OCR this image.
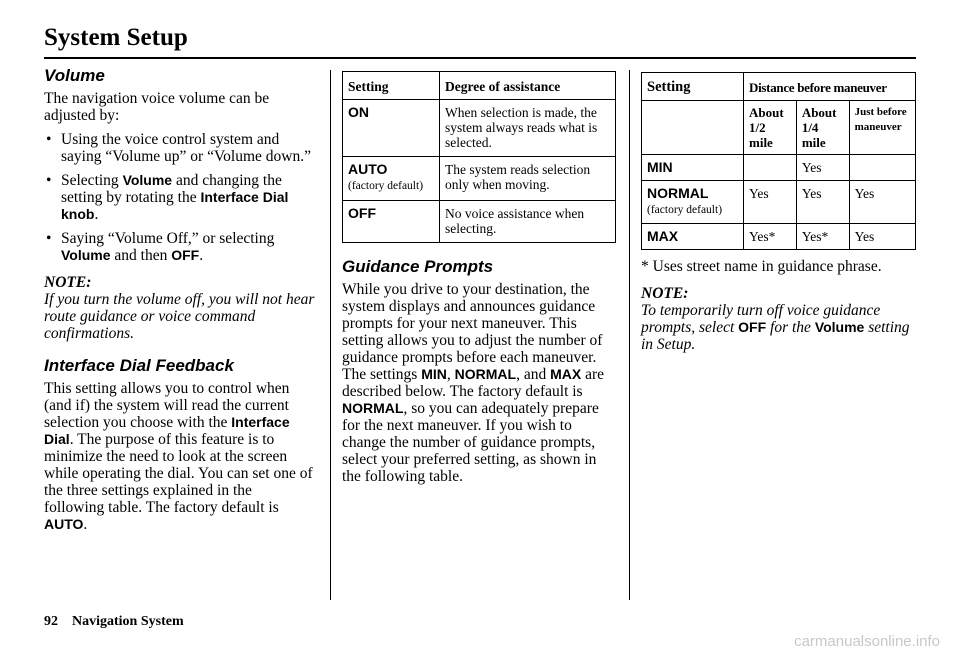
System Setup
Volume

The navigation voice volume can be adjusted by:

• Using the voice control system and saying “Volume up” or “Volume down.”
• Selecting Volume and changing the setting by rotating the Interface Dial knob.
• Saying “Volume Off,” or selecting Volume and then OFF.

NOTE:

If you turn the volume off, you will not hear route guidance or voice command confirmations.

Interface Dial Feedback

This setting allows you to control when (and if) the system will read the current selection you choose with the Interface Dial. The purpose of this feature is to minimize the need to look at the screen while operating the dial. You can set one of the three settings explained in the following table. The factory default is AUTO.

Setting	Degree of assistance
ON	When selection is made, the system always reads what is selected.
AUTO
(factory default)	The system reads selection only when moving.
OFF	No voice assistance when selecting.
Guidance Prompts

While you drive to your destination, the system displays and announces guidance prompts for your next maneuver. This setting allows you to adjust the number of guidance prompts before each maneuver. The settings MIN, NORMAL, and MAX are described below. The factory default is NORMAL, so you can adequately prepare for the next maneuver. If you wish to change the number of guidance prompts, select your preferred setting, as shown in the following table.

Setting	Distance before maneuver		
	About 1/2 mile	About 1/4 mile	Just before maneuver
MIN		Yes	
NORMAL
(factory default)	Yes	Yes	Yes
MAX	Yes*	Yes*	Yes

* Uses street name in guidance phrase.

NOTE:

To temporarily turn off voice guidance prompts, select OFF for the Volume setting in Setup.

92 Navigation System
carmanualsonline.info
